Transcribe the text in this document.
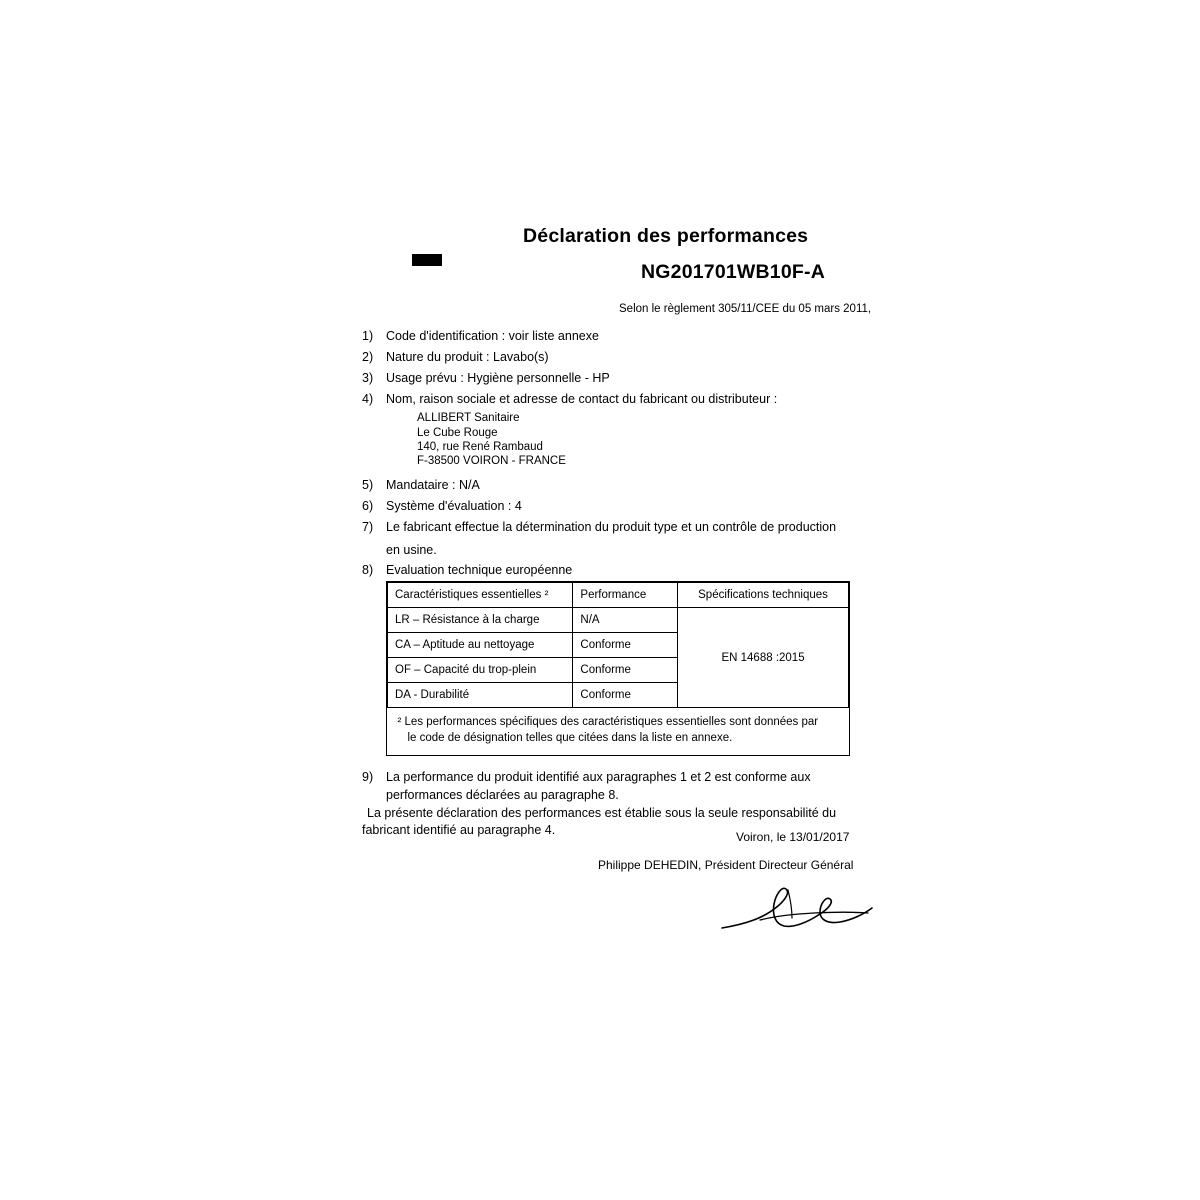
Déclaration des performances
NG201701WB10F-A
Selon le règlement 305/11/CEE du 05 mars 2011,
1) Code d'identification : voir liste annexe
2) Nature du produit : Lavabo(s)
3) Usage prévu : Hygiène personnelle - HP
4) Nom, raison sociale et adresse de contact du fabricant ou distributeur :
ALLIBERT Sanitaire
Le Cube Rouge
140, rue René Rambaud
F-38500 VOIRON - FRANCE
5) Mandataire : N/A
6) Système d'évaluation : 4
7) Le fabricant effectue la détermination du produit type et un contrôle de production
en usine.
8) Evaluation technique européenne
Caractéristiques essentielles ²	Performance	Spécifications techniques
LR – Résistance à la charge	N/A	EN 14688 :2015
CA – Aptitude au nettoyage	Conforme	
OF – Capacité du trop-plein	Conforme	
DA - Durabilité	Conforme	

² Les performances spécifiques des caractéristiques essentielles sont données par
le code de désignation telles que citées dans la liste en annexe.		
9) La performance du produit identifié aux paragraphes 1 et 2 est conforme aux
performances déclarées au paragraphe 8.
La présente déclaration des performances est établie sous la seule responsabilité du
fabricant identifié au paragraphe 4.	Voiron, le 13/01/2017
Philippe DEHEDIN, Président Directeur Général
